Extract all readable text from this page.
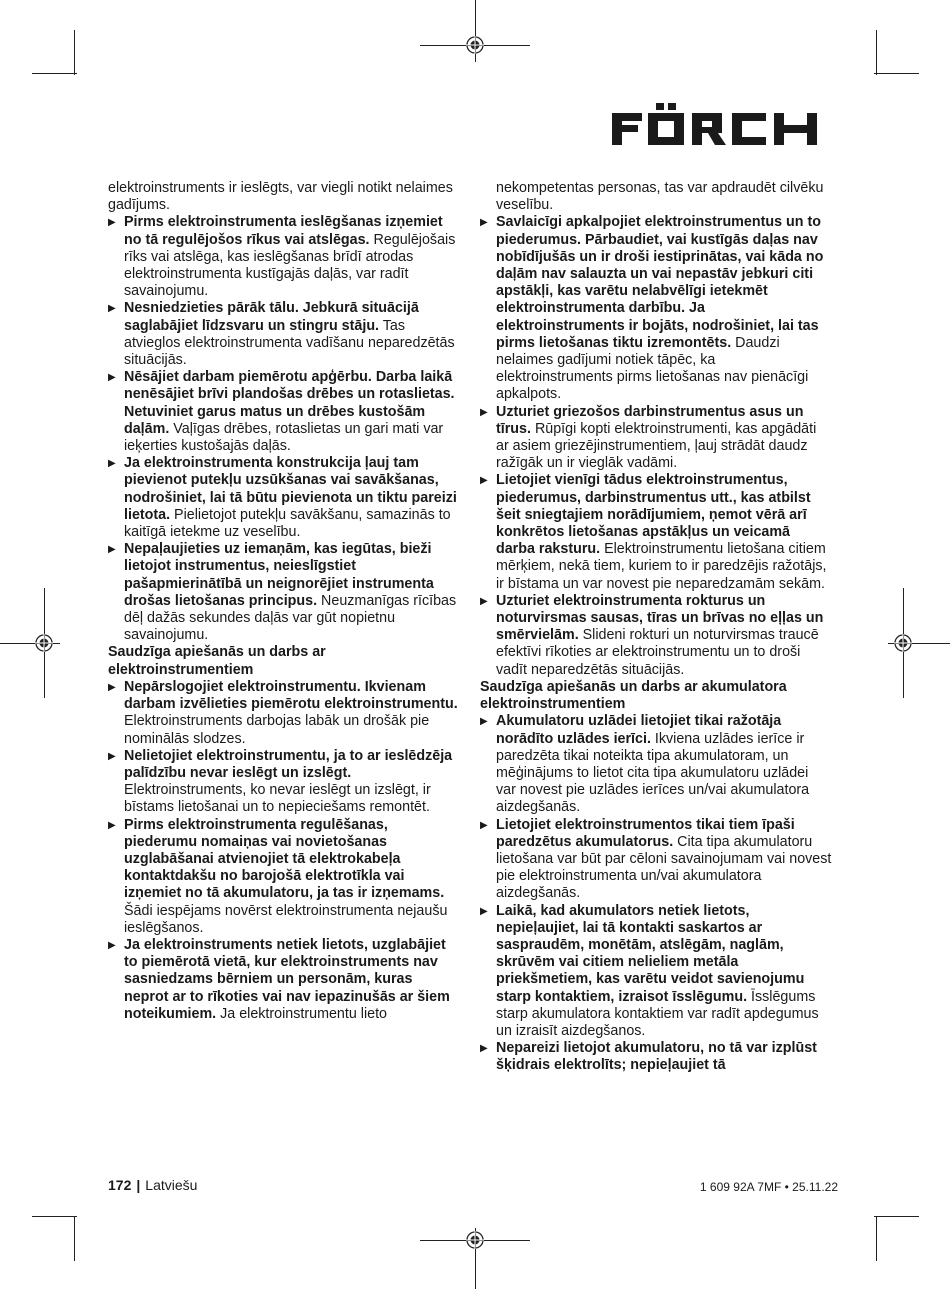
FÖRCH

elektroinstruments ir ieslēgts, var viegli notikt nelaimes gadījums.

▶ Pirms elektroinstrumenta ieslēgšanas izņemiet no tā regulējošos rīkus vai atslēgas. Regulējošais rīks vai atslēga, kas ieslēgšanas brīdī atrodas elektroinstrumenta kustīgajās daļās, var radīt savainojumu.

▶ Nesniedzieties pārāk tālu. Jebkurā situācijā saglabājiet līdzsvaru un stingru stāju. Tas atvieglos elektroinstrumenta vadīšanu neparedzētās situācijās.

▶ Nēsājiet darbam piemērotu apģērbu. Darba laikā nenēsājiet brīvi plandošas drēbes un rotaslietas. Netuviniet garus matus un drēbes kustošām daļām. Vaļīgas drēbes, rotaslietas un gari mati var ieķerties kustošajās daļās.

▶ Ja elektroinstrumenta konstrukcija ļauj tam pievienot putekļu uzsūkšanas vai savākšanas, nodrošiniet, lai tā būtu pievienota un tiktu pareizi lietota. Pielietojot putekļu savākšanu, samazinās to kaitīgā ietekme uz veselību.

▶ Nepaļaujieties uz iemaņām, kas iegūtas, bieži lietojot instrumentus, neieslīgstiet pašapmierinātībā un neignorējiet instrumenta drošas lietošanas principus. Neuzmanīgas rīcības dēļ dažās sekundes daļās var gūt nopietnu savainojumu.

Saudzīga apiešanās un darbs ar elektroinstrumentiem

▶ Nepārslogojiet elektroinstrumentu. Ikvienam darbam izvēlieties piemērotu elektroinstrumentu. Elektroinstruments darbojas labāk un drošāk pie nominālās slodzes.

▶ Nelietojiet elektroinstrumentu, ja to ar ieslēdzēja palīdzību nevar ieslēgt un izslēgt. Elektroinstruments, ko nevar ieslēgt un izslēgt, ir bīstams lietošanai un to nepieciešams remontēt.

▶ Pirms elektroinstrumenta regulēšanas, piederumu nomaiņas vai novietošanas uzglabāšanai atvienojiet tā elektrokabeļa kontaktdakšu no barojošā elektrotīkla vai izņemiet no tā akumulatoru, ja tas ir izņemams. Šādi iespējams novērst elektroinstrumenta nejaušu ieslēgšanos.

▶ Ja elektroinstruments netiek lietots, uzglabājiet to piemērotā vietā, kur elektroinstruments nav sasniedzams bērniem un personām, kuras neprot ar to rīkoties vai nav iepazinušās ar šiem noteikumiem. Ja elektroinstrumentu lieto

nekompetentas personas, tas var apdraudēt cilvēku veselību.

▶ Savlaicīgi apkalpojiet elektroinstrumentus un to piederumus. Pārbaudiet, vai kustīgās daļas nav nobīdījušās un ir droši iestiprinātas, vai kāda no daļām nav salauzta un vai nepastāv jebkuri citi apstākļi, kas varētu nelabvēlīgi ietekmēt elektroinstrumenta darbību. Ja elektroinstruments ir bojāts, nodrošiniet, lai tas pirms lietošanas tiktu izremontēts. Daudzi nelaimes gadījumi notiek tāpēc, ka elektroinstruments pirms lietošanas nav pienācīgi apkalpots.

▶ Uzturiet griezošos darbinstrumentus asus un tīrus. Rūpīgi kopti elektroinstrumenti, kas apgādāti ar asiem griezējinstrumentiem, ļauj strādāt daudz ražīgāk un ir vieglāk vadāmi.

▶ Lietojiet vienīgi tādus elektroinstrumentus, piederumus, darbinstrumentus utt., kas atbilst šeit sniegtajiem norādījumiem, ņemot vērā arī konkrētos lietošanas apstākļus un veicamā darba raksturu. Elektroinstrumentu lietošana citiem mērķiem, nekā tiem, kuriem to ir paredzējis ražotājs, ir bīstama un var novest pie neparedzamām sekām.

▶ Uzturiet elektroinstrumenta rokturus un noturvirsmas sausas, tīras un brīvas no eļļas un smērvielām. Slideni rokturi un noturvirsmas traucē efektīvi rīkoties ar elektroinstrumentu un to droši vadīt neparedzētās situācijās.

Saudzīga apiešanās un darbs ar akumulatora elektroinstrumentiem

▶ Akumulatoru uzlādei lietojiet tikai ražotāja norādīto uzlādes ierīci. Ikviena uzlādes ierīce ir paredzēta tikai noteikta tipa akumulatoram, un mēģinājums to lietot cita tipa akumulatoru uzlādei var novest pie uzlādes ierīces un/vai akumulatora aizdegšanās.

▶ Lietojiet elektroinstrumentos tikai tiem īpaši paredzētus akumulatorus. Cita tipa akumulatoru lietošana var būt par cēloni savainojumam vai novest pie elektroinstrumenta un/vai akumulatora aizdegšanās.

▶ Laikā, kad akumulators netiek lietots, nepieļaujiet, lai tā kontakti saskartos ar saspraudēm, monētām, atslēgām, naglām, skrūvēm vai citiem nelieliem metāla priekšmetiem, kas varētu veidot savienojumu starp kontaktiem, izraisot īsslēgumu. Īsslēgums starp akumulatora kontaktiem var radīt apdegumus un izraisīt aizdegšanos.

▶ Nepareizi lietojot akumulatoru, no tā var izplūst šķidrais elektrolīts; nepieļaujiet tā

172 | Latviešu	1 609 92A 7MF • 25.11.22
